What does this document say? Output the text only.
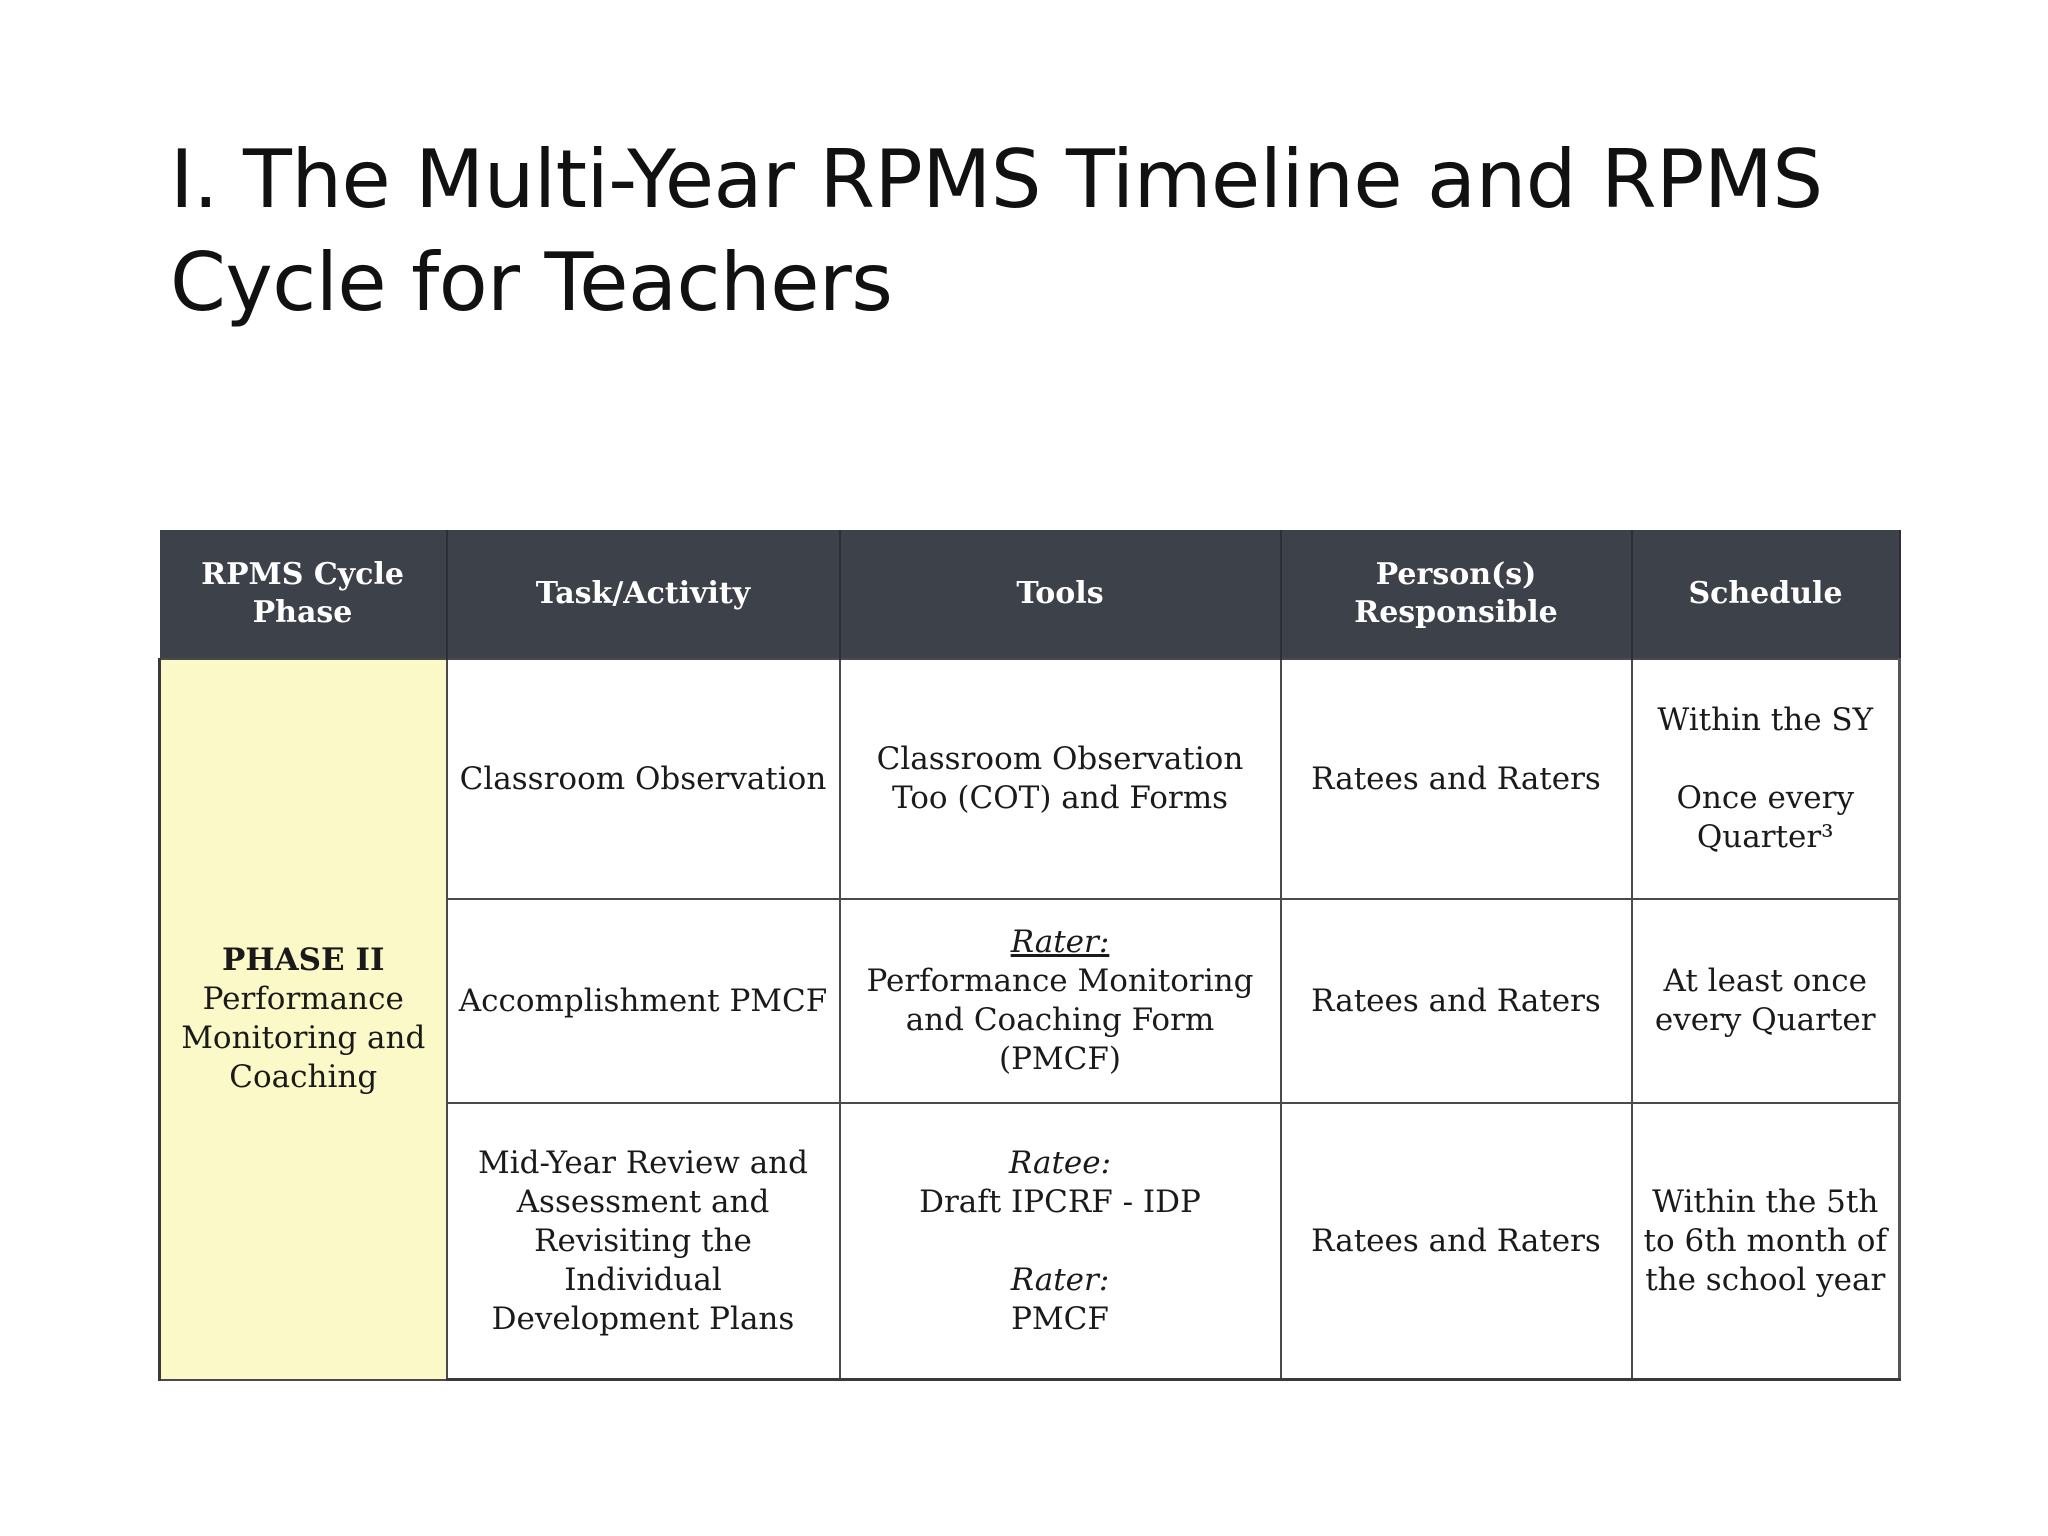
I. The Multi-Year RPMS Timeline and RPMS
Cycle for Teachers
RPMS Cycle Phase	Task/Activity	Tools	Person(s) Responsible	Schedule

PHASE II
Performance Monitoring and Coaching	Classroom Observation	Classroom Observation Too (COT) and Forms	Ratees and Raters	Within the SY
Once every Quarter³

	Accomplishment PMCF	Rater:
Performance Monitoring and Coaching Form (PMCF)	Ratees and Raters	At least once every Quarter
	Mid-Year Review and Assessment and Revisiting the Individual Development Plans	Ratee:
Draft IPCRF - IDP
Rater:
PMCF	Ratees and Raters	Within the 5th to 6th month of the school year
